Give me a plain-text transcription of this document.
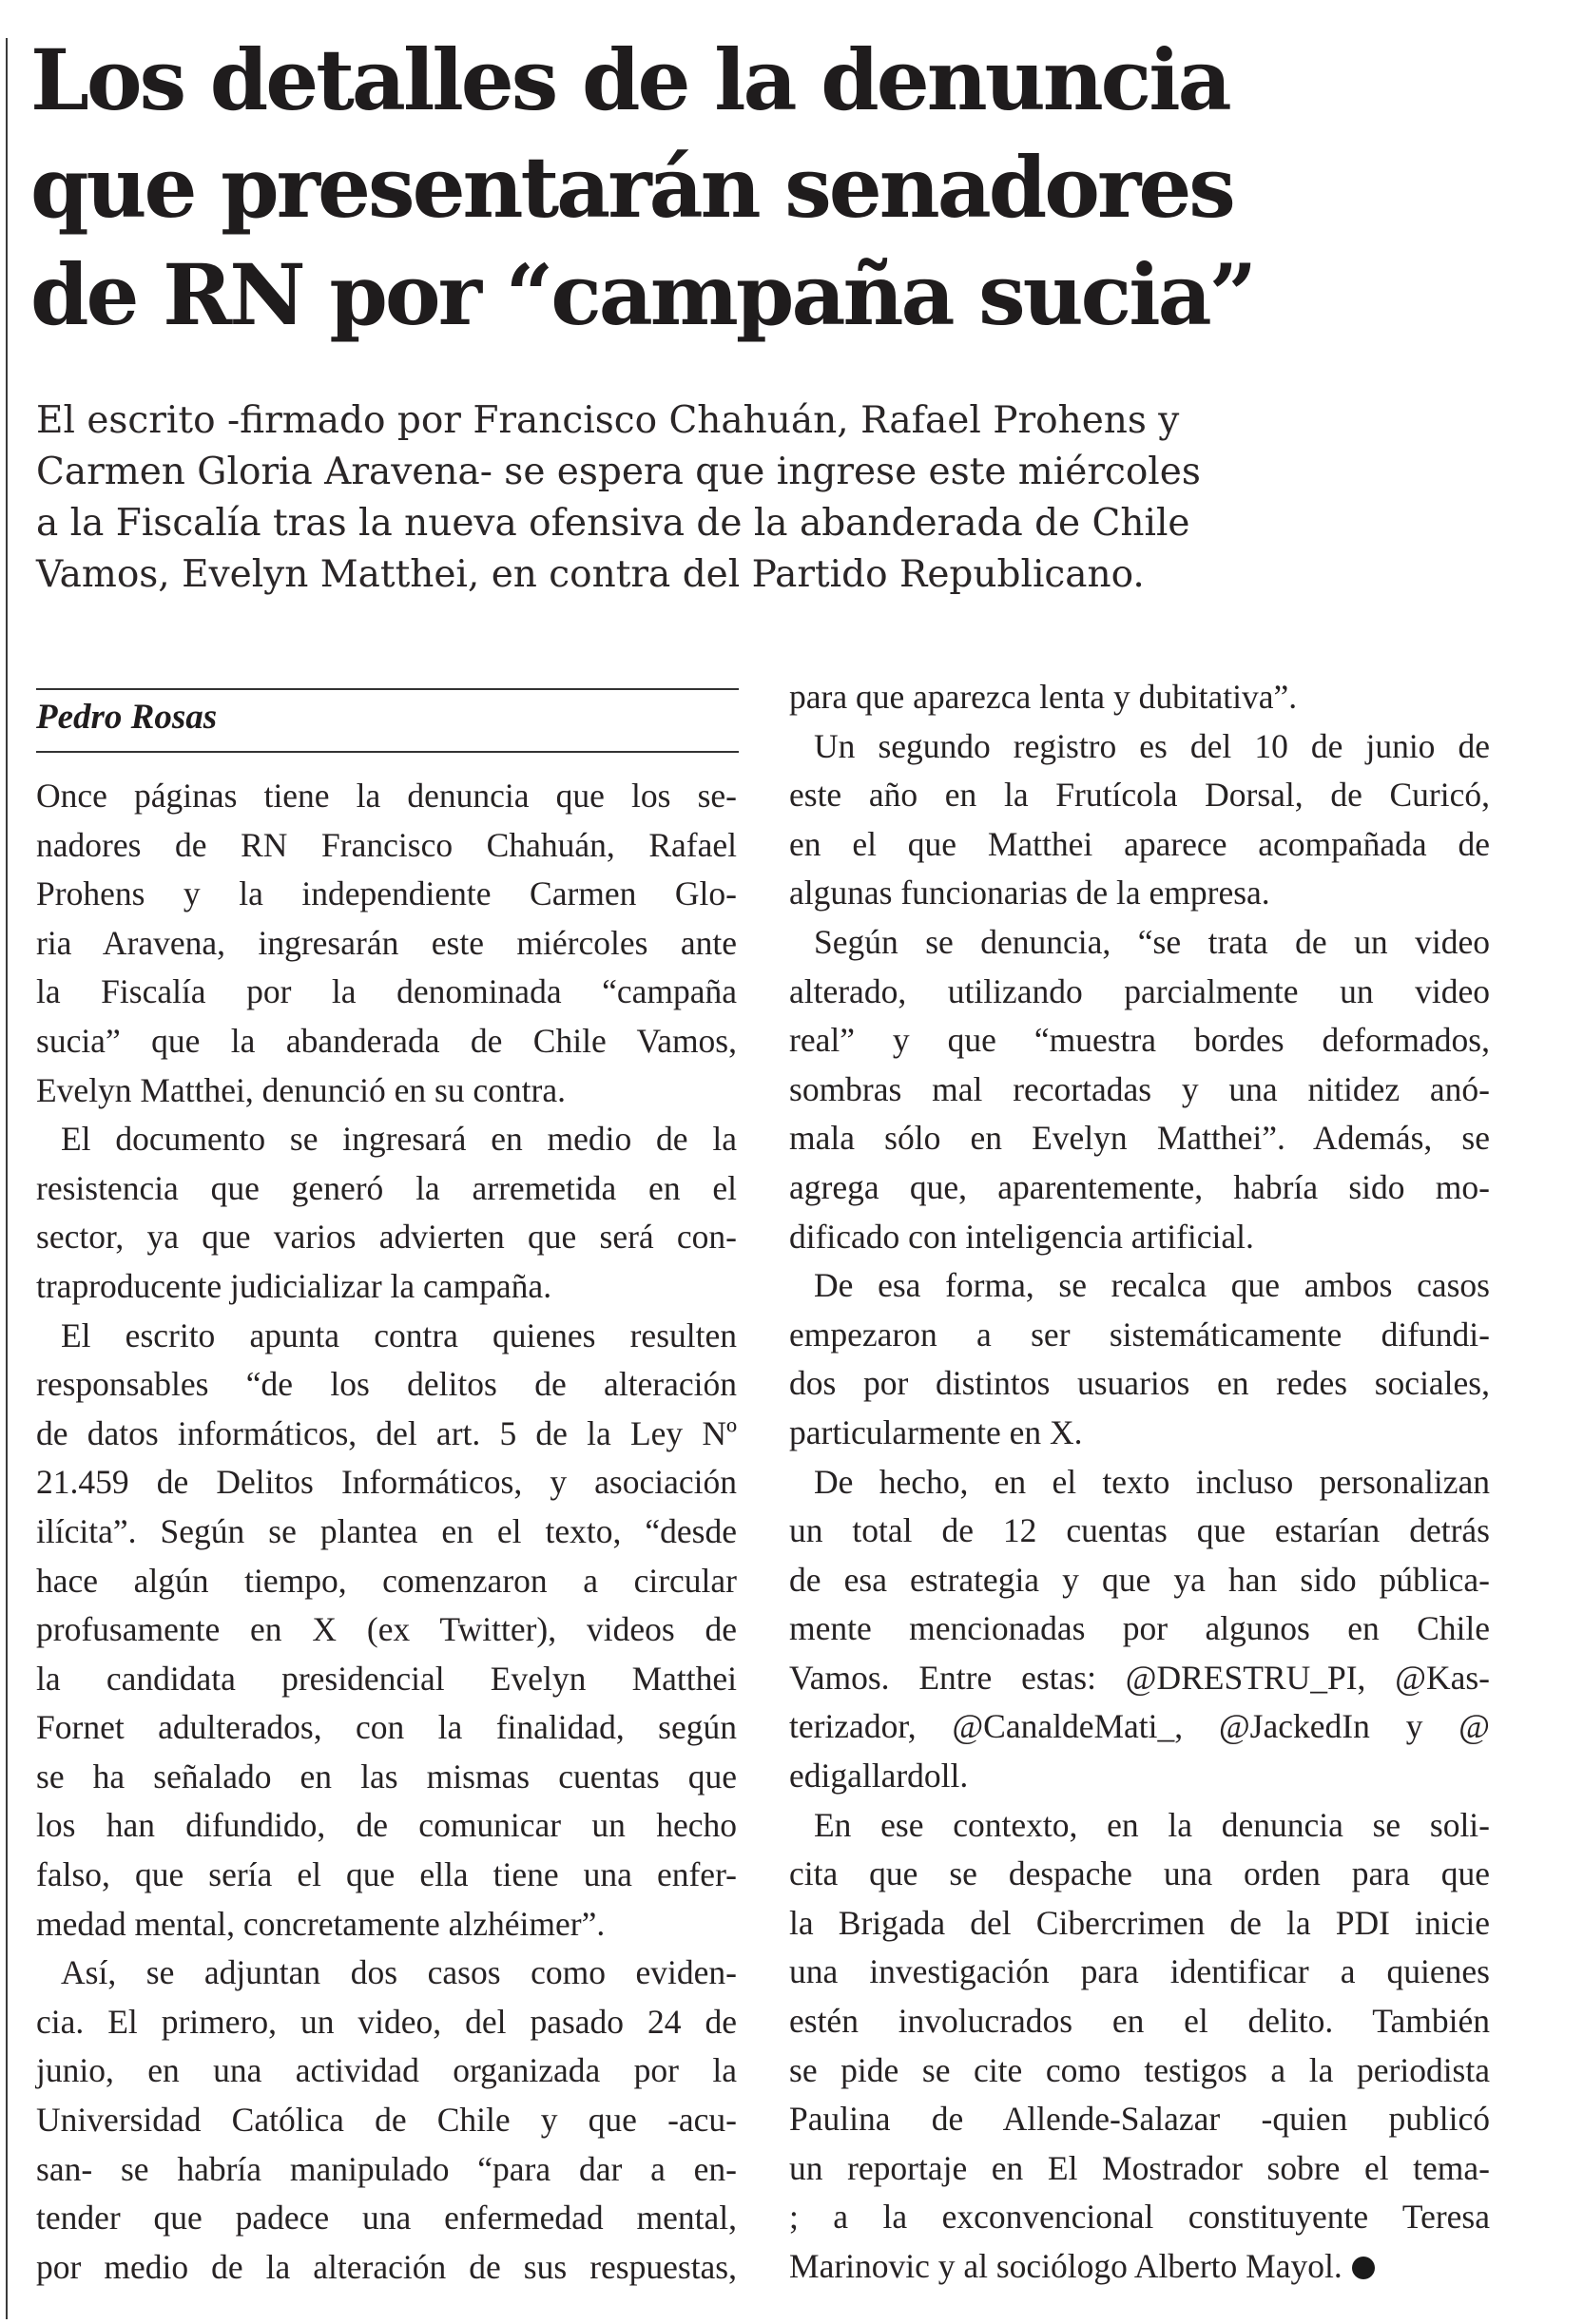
Los detalles de la denuncia
que presentarán senadores
de RN por “campaña sucia”

El escrito -firmado por Francisco Chahuán, Rafael Prohens y
Carmen Gloria Aravena- se espera que ingrese este miércoles
a la Fiscalía tras la nueva ofensiva de la abanderada de Chile
Vamos, Evelyn Matthei, en contra del Partido Republicano.

Pedro Rosas

Once páginas tiene la denuncia que los se-
nadores de RN Francisco Chahuán, Rafael
Prohens y la independiente Carmen Glo-
ria Aravena, ingresarán este miércoles ante
la Fiscalía por la denominada “campaña
sucia” que la abanderada de Chile Vamos,
Evelyn Matthei, denunció en su contra.
El documento se ingresará en medio de la
resistencia que generó la arremetida en el
sector, ya que varios advierten que será con-
traproducente judicializar la campaña.
El escrito apunta contra quienes resulten
responsables “de los delitos de alteración
de datos informáticos, del art. 5 de la Ley Nº
21.459 de Delitos Informáticos, y asociación
ilícita”. Según se plantea en el texto, “desde
hace algún tiempo, comenzaron a circular
profusamente en X (ex Twitter), videos de
la candidata presidencial Evelyn Matthei
Fornet adulterados, con la finalidad, según
se ha señalado en las mismas cuentas que
los han difundido, de comunicar un hecho
falso, que sería el que ella tiene una enfer-
medad mental, concretamente alzhéimer”.
Así, se adjuntan dos casos como eviden-
cia. El primero, un video, del pasado 24 de
junio, en una actividad organizada por la
Universidad Católica de Chile y que -acu-
san- se habría manipulado “para dar a en-
tender que padece una enfermedad mental,
por medio de la alteración de sus respuestas,
para que aparezca lenta y dubitativa”.
Un segundo registro es del 10 de junio de
este año en la Frutícola Dorsal, de Curicó,
en el que Matthei aparece acompañada de
algunas funcionarias de la empresa.
Según se denuncia, “se trata de un video
alterado, utilizando parcialmente un video
real” y que “muestra bordes deformados,
sombras mal recortadas y una nitidez anó-
mala sólo en Evelyn Matthei”. Además, se
agrega que, aparentemente, habría sido mo-
dificado con inteligencia artificial.
De esa forma, se recalca que ambos casos
empezaron a ser sistemáticamente difundi-
dos por distintos usuarios en redes sociales,
particularmente en X.
De hecho, en el texto incluso personalizan
un total de 12 cuentas que estarían detrás
de esa estrategia y que ya han sido pública-
mente mencionadas por algunos en Chile
Vamos. Entre estas: @DRESTRU_PI, @Kas-
terizador, @CanaldeMati_, @JackedIn y @
edigallardoll.
En ese contexto, en la denuncia se soli-
cita que se despache una orden para que
la Brigada del Cibercrimen de la PDI inicie
una investigación para identificar a quienes
estén involucrados en el delito. También
se pide se cite como testigos a la periodista
Paulina de Allende-Salazar -quien publicó
un reportaje en El Mostrador sobre el tema-
; a la exconvencional constituyente Teresa
Marinovic y al sociólogo Alberto Mayol.
